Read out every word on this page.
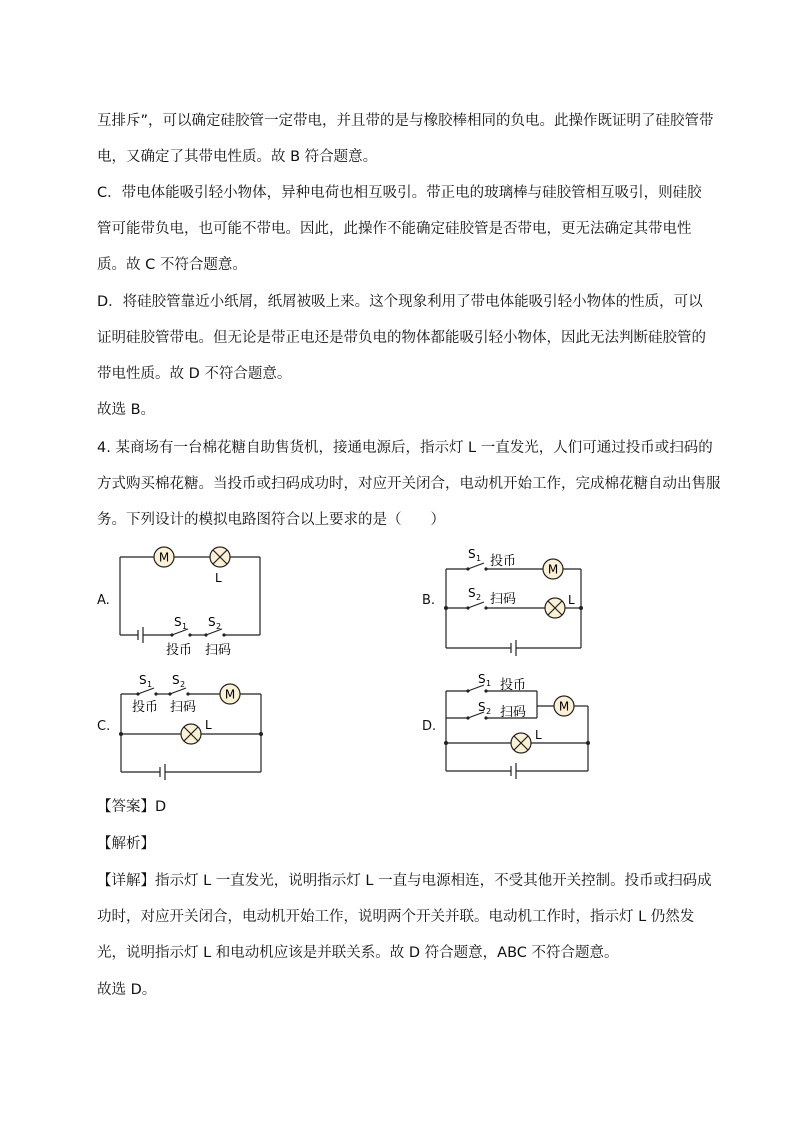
互排斥”，可以确定硅胶管一定带电，并且带的是与橡胶棒相同的负电。此操作既证明了硅胶管带
电，又确定了其带电性质。故 B 符合题意。
C．带电体能吸引轻小物体，异种电荷也相互吸引。带正电的玻璃棒与硅胶管相互吸引，则硅胶
管可能带负电，也可能不带电。因此，此操作不能确定硅胶管是否带电，更无法确定其带电性
质。故 C 不符合题意。
D．将硅胶管靠近小纸屑，纸屑被吸上来。这个现象利用了带电体能吸引轻小物体的性质，可以
证明硅胶管带电。但无论是带正电还是带负电的物体都能吸引轻小物体，因此无法判断硅胶管的
带电性质。故 D 不符合题意。
故选 B。
4. 某商场有一台棉花糖自助售货机，接通电源后，指示灯 L 一直发光，人们可通过投币或扫码的
方式购买棉花糖。当投币或扫码成功时，对应开关闭合，电动机开始工作，完成棉花糖自动出售服
务。下列设计的模拟电路图符合以上要求的是（　　）
A.
M
L
S 1 S 2
投币 扫码
B.
M
L
S 1 投币
S 2 扫码
C.
M
L
S 1 S 2
投币 扫码
D.
M
L
S 1 投币
S 2 扫码
【答案】D
【解析】
【详解】指示灯 L 一直发光，说明指示灯 L 一直与电源相连，不受其他开关控制。投币或扫码成
功时，对应开关闭合，电动机开始工作，说明两个开关并联。电动机工作时，指示灯 L 仍然发
光，说明指示灯 L 和电动机应该是并联关系。故 D 符合题意，ABC 不符合题意。
故选 D。
